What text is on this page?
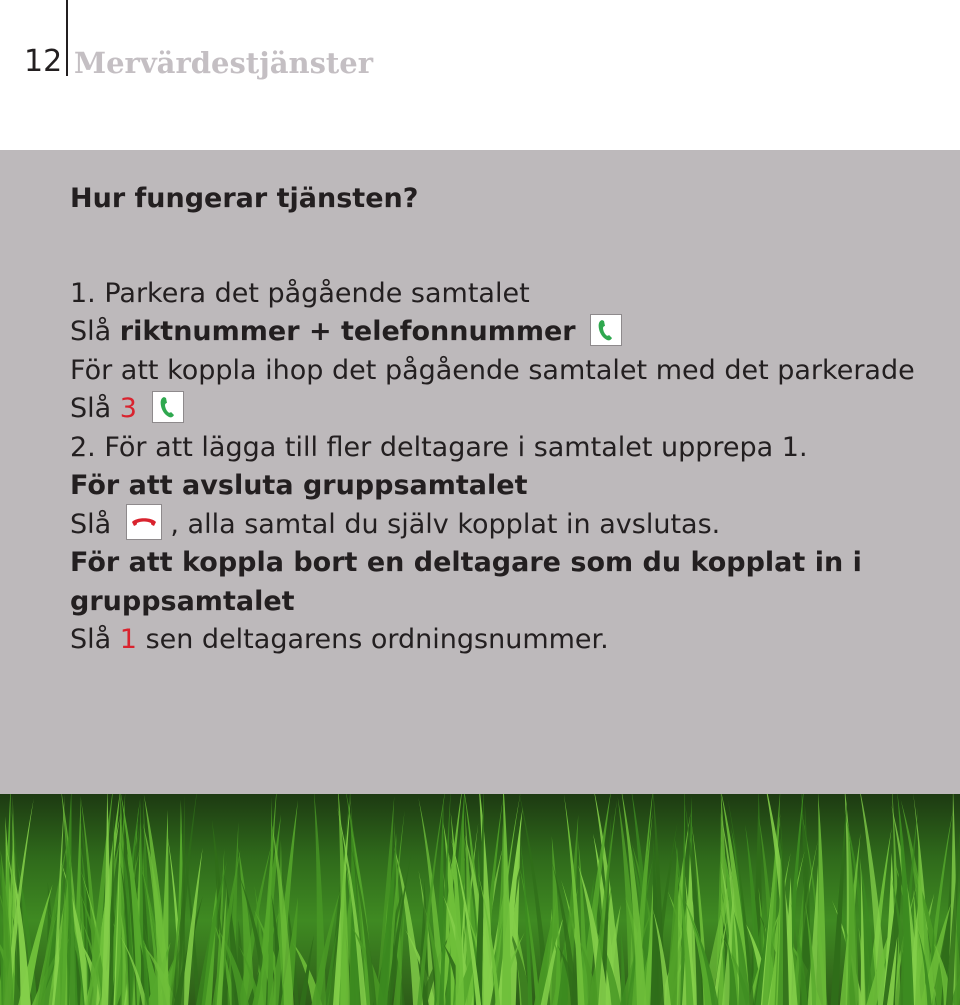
12 Mervärdestjänster
Hur fungerar tjänsten?
1. Parkera det pågående samtalet
Slå riktnummer + telefonnummer
För att koppla ihop det pågående samtalet med det parkerade
Slå 3
2. För att lägga till fler deltagare i samtalet upprepa 1.
För att avsluta gruppsamtalet
Slå , alla samtal du själv kopplat in avslutas.
För att koppla bort en deltagare som du kopplat in i
gruppsamtalet
Slå 1 sen deltagarens ordningsnummer.
